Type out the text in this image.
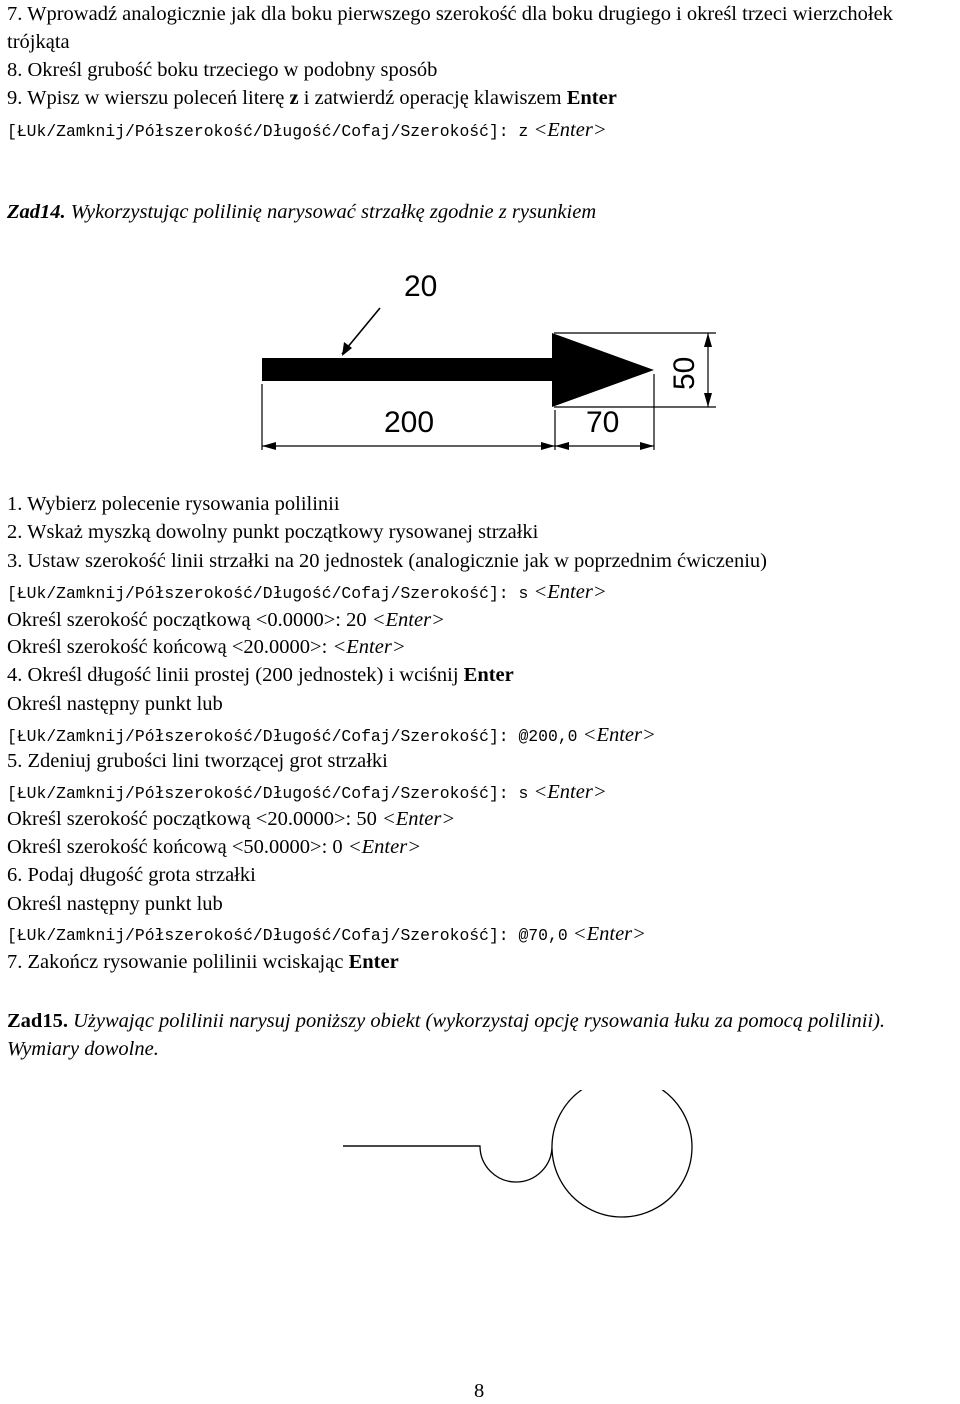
7. Wprowadź analogicznie jak dla boku pierwszego szerokość dla boku drugiego i określ trzeci wierzchołek trójkąta
8. Określ grubość boku trzeciego w podobny sposób
9. Wpisz w wierszu poleceń literę z i zatwierdź operację klawiszem Enter
[ŁUk/Zamknij/Półszerokość/Długość/Cofaj/Szerokość]: z <Enter>
Zad14. Wykorzystując polilinię narysować strzałkę zgodnie z rysunkiem
20
200	70
50
1. Wybierz polecenie rysowania polilinii
2. Wskaż myszką dowolny punkt początkowy rysowanej strzałki
3. Ustaw szerokość linii strzałki na 20 jednostek (analogicznie jak w poprzednim ćwiczeniu)
[ŁUk/Zamknij/Półszerokość/Długość/Cofaj/Szerokość]: s <Enter>
Określ szerokość początkową <0.0000>: 20 <Enter>
Określ szerokość końcową <20.0000>: <Enter>
4. Określ długość linii prostej (200 jednostek) i wciśnij Enter
Określ następny punkt lub
[ŁUk/Zamknij/Półszerokość/Długość/Cofaj/Szerokość]: @200,0 <Enter>
5. Zdeniuj grubości lini tworzącej grot strzałki
[ŁUk/Zamknij/Półszerokość/Długość/Cofaj/Szerokość]: s <Enter>
Określ szerokość początkową <20.0000>: 50 <Enter>
Określ szerokość końcową <50.0000>: 0 <Enter>
6. Podaj długość grota strzałki
Określ następny punkt lub
[ŁUk/Zamknij/Półszerokość/Długość/Cofaj/Szerokość]: @70,0 <Enter>
7. Zakończ rysowanie polilinii wciskając Enter
Zad15. Używając polilinii narysuj poniższy obiekt (wykorzystaj opcję rysowania łuku za pomocą polilinii). Wymiary dowolne.
8
